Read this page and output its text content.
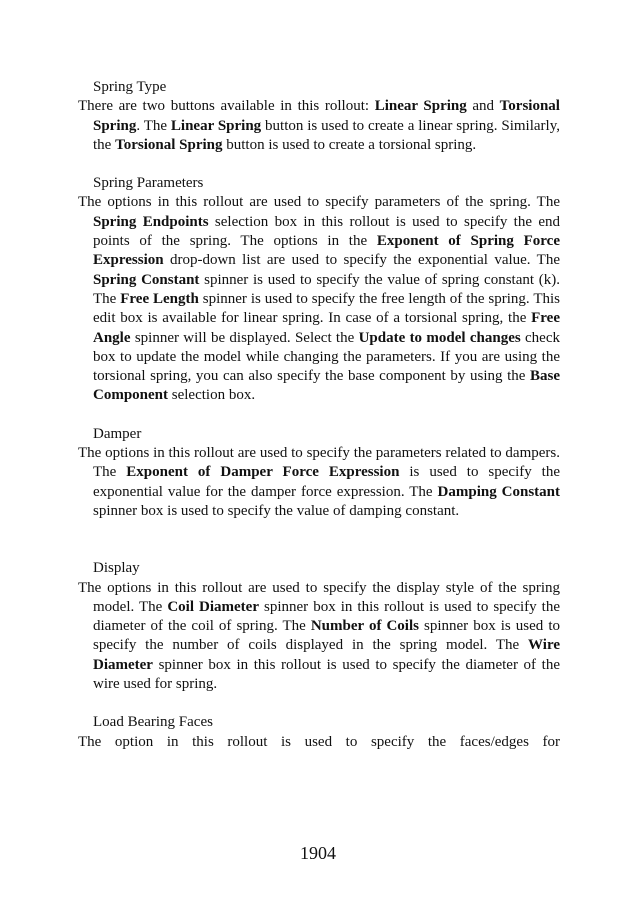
Spring Type

There are two buttons available in this rollout: Linear Spring and Torsional Spring. The Linear Spring button is used to create a linear spring. Similarly, the Torsional Spring button is used to create a torsional spring.

Spring Parameters

The options in this rollout are used to specify parameters of the spring. The Spring Endpoints selection box in this rollout is used to specify the end points of the spring. The options in the Exponent of Spring Force Expression drop-down list are used to specify the exponential value. The Spring Constant spinner is used to specify the value of spring constant (k). The Free Length spinner is used to specify the free length of the spring. This edit box is available for linear spring. In case of a torsional spring, the Free Angle spinner will be displayed. Select the Update to model changes check box to update the model while changing the parameters. If you are using the torsional spring, you can also specify the base component by using the Base Component selection box.

Damper

The options in this rollout are used to specify the parameters related to dampers. The Exponent of Damper Force Expression is used to specify the exponential value for the damper force expression. The Damping Constant spinner box is used to specify the value of damping constant.

Display

The options in this rollout are used to specify the display style of the spring model. The Coil Diameter spinner box in this rollout is used to specify the diameter of the coil of spring. The Number of Coils spinner box is used to specify the number of coils displayed in the spring model. The Wire Diameter spinner box in this rollout is used to specify the diameter of the wire used for spring.

Load Bearing Faces

The option in this rollout is used to specify the faces/edges for

1904
